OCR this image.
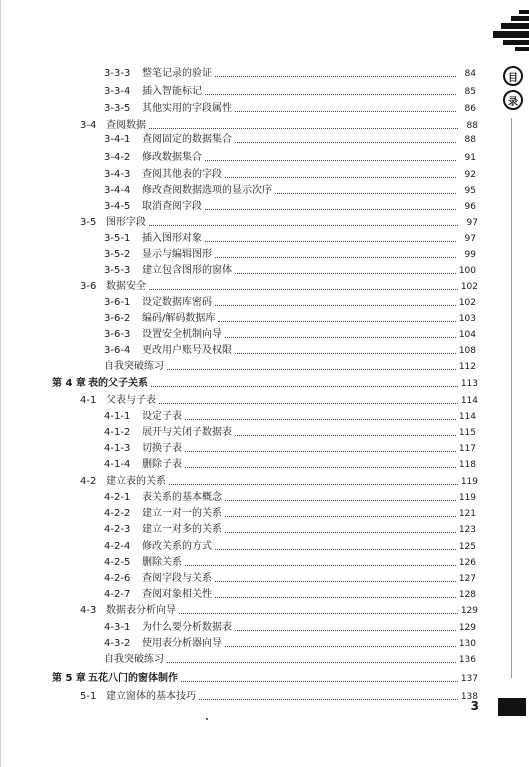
目
录
3-3-3	整笔记录的验证	84
3-3-4	插入智能标记	85
3-3-5	其他实用的字段属性	86
3-4 查阅数据	88
3-4-1	查阅固定的数据集合	88
3-4-2	修改数据集合	91
3-4-3	查阅其他表的字段	92
3-4-4	修改查阅数据选项的显示次序	95
3-4-5	取消查阅字段	96
3-5 图形字段	97
3-5-1	插入图形对象	97
3-5-2	显示与编辑图形	99
3-5-3	建立包含图形的窗体	100
3-6 数据安全	102
3-6-1	设定数据库密码	102
3-6-2	编码/解码数据库	103
3-6-3	设置安全机制向导	104
3-6-4	更改用户账号及权限	108
自我突破练习	112
第 4 章 表的父子关系	113
4-1 父表与子表	114
4-1-1	设定子表	114
4-1-2	展开与关闭子数据表	115
4-1-3	切换子表	117
4-1-4	删除子表	118
4-2 建立表的关系	119
4-2-1	表关系的基本概念	119
4-2-2	建立一对一的关系	121
4-2-3	建立一对多的关系	123
4-2-4	修改关系的方式	125
4-2-5	删除关系	126
4-2-6	查阅字段与关系	127
4-2-7	查阅对象相关性	128
4-3 数据表分析向导	129
4-3-1	为什么要分析数据表	129
4-3-2	使用表分析器向导	130
自我突破练习	136
第 5 章 五花八门的窗体制作	137
5-1 建立窗体的基本技巧	138
3
